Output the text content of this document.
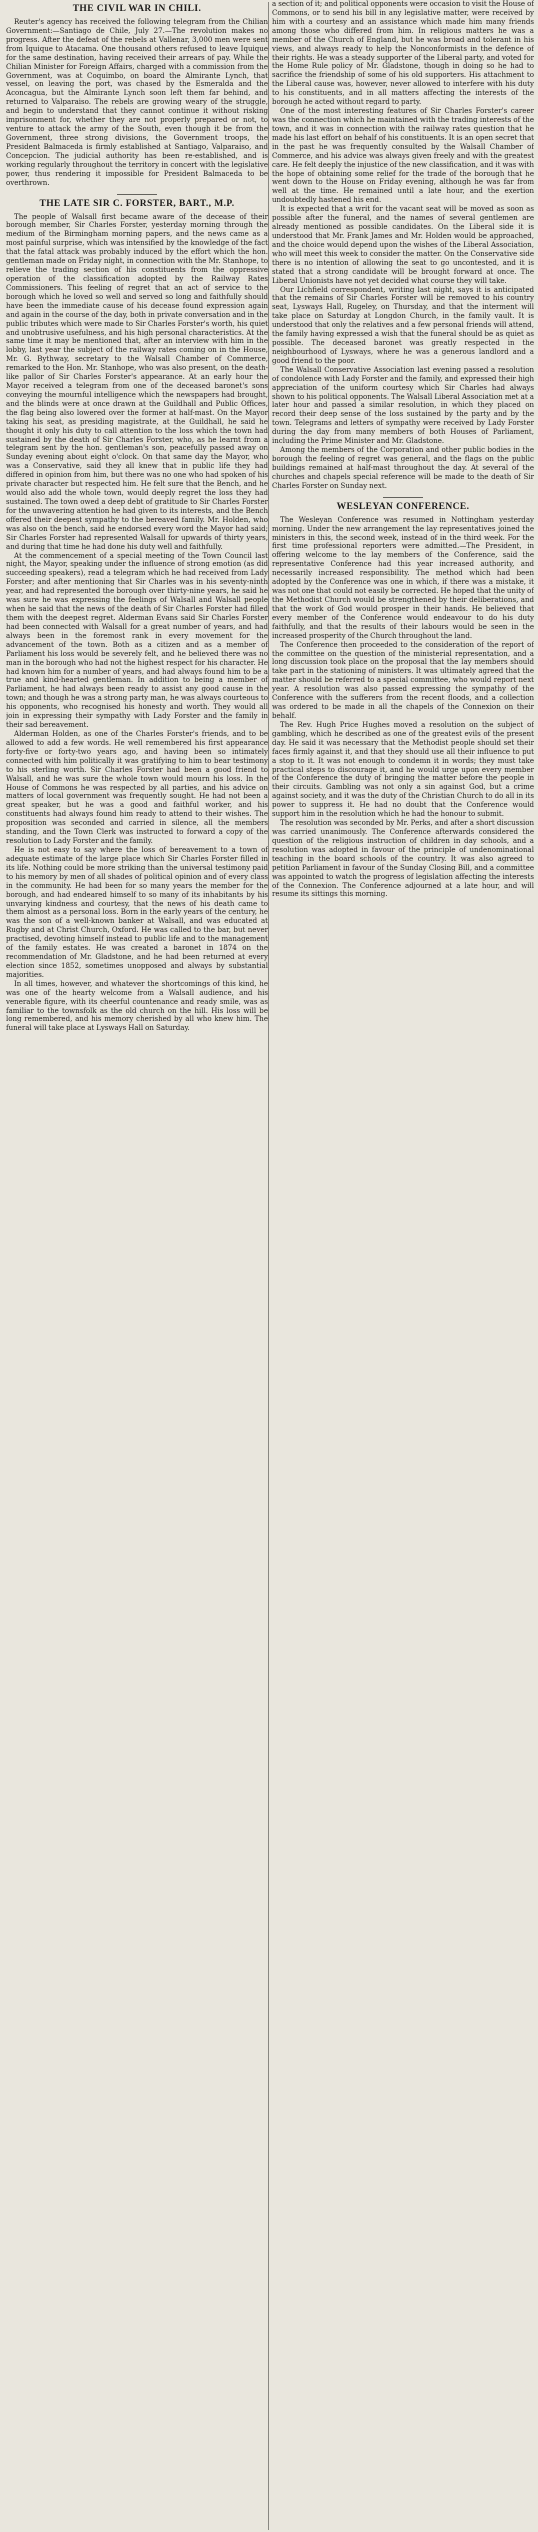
THE CIVIL WAR IN CHILI.

Reuter's agency has received the following telegram from the Chilian Government:—Santiago de Chile, July 27.—The revolution makes no progress. After the defeat of the rebels at Vallenar, 3,000 men were sent from Iquique to Atacama. One thousand others refused to leave Iquique for the same destination, having received their arrears of pay. While the Chilian Minister for Foreign Affairs, charged with a commission from the Government, was at Coquimbo, on board the Almirante Lynch, that vessel, on leaving the port, was chased by the Esmeralda and the Aconcagua, but the Almirante Lynch soon left them far behind, and returned to Valparaiso. The rebels are growing weary of the struggle, and begin to understand that they cannot continue it without risking imprisonment for, whether they are not properly prepared or not, to venture to attack the army of the South, even though it be from the Government, three strong divisions, the Government troops, the President Balmaceda is firmly established at Santiago, Valparaiso, and Concepcion. The judicial authority has been re-established, and is working regularly throughout the territory in concert with the legislative power, thus rendering it impossible for President Balmaceda to be overthrown.

THE LATE SIR C. FORSTER, BART., M.P.

The people of Walsall first became aware of the decease of their borough member, Sir Charles Forster, yesterday morning through the medium of the Birmingham morning papers, and the news came as a most painful surprise, which was intensified by the knowledge of the fact that the fatal attack was probably induced by the effort which the hon. gentleman made on Friday night, in connection with the Mr. Stanhope, to relieve the trading section of his constituents from the oppressive operation of the classification adopted by the Railway Rates Commissioners. This feeling of regret that an act of service to the borough which he loved so well and served so long and faithfully should have been the immediate cause of his decease found expression again and again in the course of the day, both in private conversation and in the public tributes which were made to Sir Charles Forster's worth, his quiet and unobtrusive usefulness, and his high personal characteristics. At the same time it may be mentioned that, after an interview with him in the lobby, last year the subject of the railway rates coming on in the House, Mr. G. Bythway, secretary to the Walsall Chamber of Commerce, remarked to the Hon. Mr. Stanhope, who was also present, on the death-like pallor of Sir Charles Forster's appearance. At an early hour the Mayor received a telegram from one of the deceased baronet's sons conveying the mournful intelligence which the newspapers had brought, and the blinds were at once drawn at the Guildhall and Public Offices, the flag being also lowered over the former at half-mast. On the Mayor taking his seat, as presiding magistrate, at the Guildhall, he said he thought it only his duty to call attention to the loss which the town had sustained by the death of Sir Charles Forster, who, as he learnt from a telegram sent by the hon. gentleman's son, peacefully passed away on Sunday evening about eight o'clock. On that same day the Mayor, who was a Conservative, said they all knew that in public life they had differed in opinion from him, but there was no one who had spoken of his private character but respected him. He felt sure that the Bench, and he would also add the whole town, would deeply regret the loss they had sustained. The town owed a deep debt of gratitude to Sir Charles Forster for the unwavering attention he had given to its interests, and the Bench offered their deepest sympathy to the bereaved family. Mr. Holden, who was also on the bench, said he endorsed every word the Mayor had said; Sir Charles Forster had represented Walsall for upwards of thirty years, and during that time he had done his duty well and faithfully.

At the commencement of a special meeting of the Town Council last night, the Mayor, speaking under the influence of strong emotion (as did succeeding speakers), read a telegram which he had received from Lady Forster; and after mentioning that Sir Charles was in his seventy-ninth year, and had represented the borough over thirty-nine years, he said he was sure he was expressing the feelings of Walsall and Walsall people when he said that the news of the death of Sir Charles Forster had filled them with the deepest regret. Alderman Evans said Sir Charles Forster had been connected with Walsall for a great number of years, and had always been in the foremost rank in every movement for the advancement of the town. Both as a citizen and as a member of Parliament his loss would be severely felt, and he believed there was no man in the borough who had not the highest respect for his character. He had known him for a number of years, and had always found him to be a true and kind-hearted gentleman. In addition to being a member of Parliament, he had always been ready to assist any good cause in the town; and though he was a strong party man, he was always courteous to his opponents, who recognised his honesty and worth. They would all join in expressing their sympathy with Lady Forster and the family in their sad bereavement.

Alderman Holden, as one of the Charles Forster's friends, and to be allowed to add a few words. He well remembered his first appearance forty-five or forty-two years ago, and having been so intimately connected with him politically it was gratifying to him to bear testimony to his sterling worth. Sir Charles Forster had been a good friend to Walsall, and he was sure the whole town would mourn his loss. In the House of Commons he was respected by all parties, and his advice on matters of local government was frequently sought. He had not been a great speaker, but he was a good and faithful worker, and his constituents had always found him ready to attend to their wishes. The proposition was seconded and carried in silence, all the members standing, and the Town Clerk was instructed to forward a copy of the resolution to Lady Forster and the family.

He is not easy to say where the loss of bereavement to a town of adequate estimate of the large place which Sir Charles Forster filled in its life. Nothing could be more striking than the universal testimony paid to his memory by men of all shades of political opinion and of every class in the community. He had been for so many years the member for the borough, and had endeared himself to so many of its inhabitants by his unvarying kindness and courtesy, that the news of his death came to them almost as a personal loss. Born in the early years of the century, he was the son of a well-known banker at Walsall, and was educated at Rugby and at Christ Church, Oxford. He was called to the bar, but never practised, devoting himself instead to public life and to the management of the family estates. He was created a baronet in 1874 on the recommendation of Mr. Gladstone, and he had been returned at every election since 1852, sometimes unopposed and always by substantial majorities.

In all times, however, and whatever the shortcomings of this kind, he was one of the hearty welcome from a Walsall audience, and his venerable figure, with its cheerful countenance and ready smile, was as familiar to the townsfolk as the old church on the hill. His loss will be long remembered, and his memory cherished by all who knew him. The funeral will take place at Lysways Hall on Saturday.

a section of it; and political opponents were occasion to visit the House of Commons, or to send his bill in any legislative matter, were received by him with a courtesy and an assistance which made him many friends among those who differed from him. In religious matters he was a member of the Church of England, but he was broad and tolerant in his views, and always ready to help the Nonconformists in the defence of their rights. He was a steady supporter of the Liberal party, and voted for the Home Rule policy of Mr. Gladstone, though in doing so he had to sacrifice the friendship of some of his old supporters. His attachment to the Liberal cause was, however, never allowed to interfere with his duty to his constituents, and in all matters affecting the interests of the borough he acted without regard to party.

One of the most interesting features of Sir Charles Forster's career was the connection which he maintained with the trading interests of the town, and it was in connection with the railway rates question that he made his last effort on behalf of his constituents. It is an open secret that in the past he was frequently consulted by the Walsall Chamber of Commerce, and his advice was always given freely and with the greatest care. He felt deeply the injustice of the new classification, and it was with the hope of obtaining some relief for the trade of the borough that he went down to the House on Friday evening, although he was far from well at the time. He remained until a late hour, and the exertion undoubtedly hastened his end.

It is expected that a writ for the vacant seat will be moved as soon as possible after the funeral, and the names of several gentlemen are already mentioned as possible candidates. On the Liberal side it is understood that Mr. Frank James and Mr. Holden would be approached, and the choice would depend upon the wishes of the Liberal Association, who will meet this week to consider the matter. On the Conservative side there is no intention of allowing the seat to go uncontested, and it is stated that a strong candidate will be brought forward at once. The Liberal Unionists have not yet decided what course they will take.

Our Lichfield correspondent, writing last night, says it is anticipated that the remains of Sir Charles Forster will be removed to his country seat, Lysways Hall, Rugeley, on Thursday, and that the interment will take place on Saturday at Longdon Church, in the family vault. It is understood that only the relatives and a few personal friends will attend, the family having expressed a wish that the funeral should be as quiet as possible. The deceased baronet was greatly respected in the neighbourhood of Lysways, where he was a generous landlord and a good friend to the poor.

The Walsall Conservative Association last evening passed a resolution of condolence with Lady Forster and the family, and expressed their high appreciation of the uniform courtesy which Sir Charles had always shown to his political opponents. The Walsall Liberal Association met at a later hour and passed a similar resolution, in which they placed on record their deep sense of the loss sustained by the party and by the town. Telegrams and letters of sympathy were received by Lady Forster during the day from many members of both Houses of Parliament, including the Prime Minister and Mr. Gladstone.

Among the members of the Corporation and other public bodies in the borough the feeling of regret was general, and the flags on the public buildings remained at half-mast throughout the day. At several of the churches and chapels special reference will be made to the death of Sir Charles Forster on Sunday next.

WESLEYAN CONFERENCE.

The Wesleyan Conference was resumed in Nottingham yesterday morning. Under the new arrangement the lay representatives joined the ministers in this, the second week, instead of in the third week. For the first time professional reporters were admitted.—The President, in offering welcome to the lay members of the Conference, said the representative Conference had this year increased authority, and necessarily increased responsibility. The method which had been adopted by the Conference was one in which, if there was a mistake, it was not one that could not easily be corrected. He hoped that the unity of the Methodist Church would be strengthened by their deliberations, and that the work of God would prosper in their hands. He believed that every member of the Conference would endeavour to do his duty faithfully, and that the results of their labours would be seen in the increased prosperity of the Church throughout the land.

The Conference then proceeded to the consideration of the report of the committee on the question of the ministerial representation, and a long discussion took place on the proposal that the lay members should take part in the stationing of ministers. It was ultimately agreed that the matter should be referred to a special committee, who would report next year. A resolution was also passed expressing the sympathy of the Conference with the sufferers from the recent floods, and a collection was ordered to be made in all the chapels of the Connexion on their behalf.

The Rev. Hugh Price Hughes moved a resolution on the subject of gambling, which he described as one of the greatest evils of the present day. He said it was necessary that the Methodist people should set their faces firmly against it, and that they should use all their influence to put a stop to it. It was not enough to condemn it in words; they must take practical steps to discourage it, and he would urge upon every member of the Conference the duty of bringing the matter before the people in their circuits. Gambling was not only a sin against God, but a crime against society, and it was the duty of the Christian Church to do all in its power to suppress it. He had no doubt that the Conference would support him in the resolution which he had the honour to submit.

The resolution was seconded by Mr. Perks, and after a short discussion was carried unanimously. The Conference afterwards considered the question of the religious instruction of children in day schools, and a resolution was adopted in favour of the principle of undenominational teaching in the board schools of the country. It was also agreed to petition Parliament in favour of the Sunday Closing Bill, and a committee was appointed to watch the progress of legislation affecting the interests of the Connexion. The Conference adjourned at a late hour, and will resume its sittings this morning.
